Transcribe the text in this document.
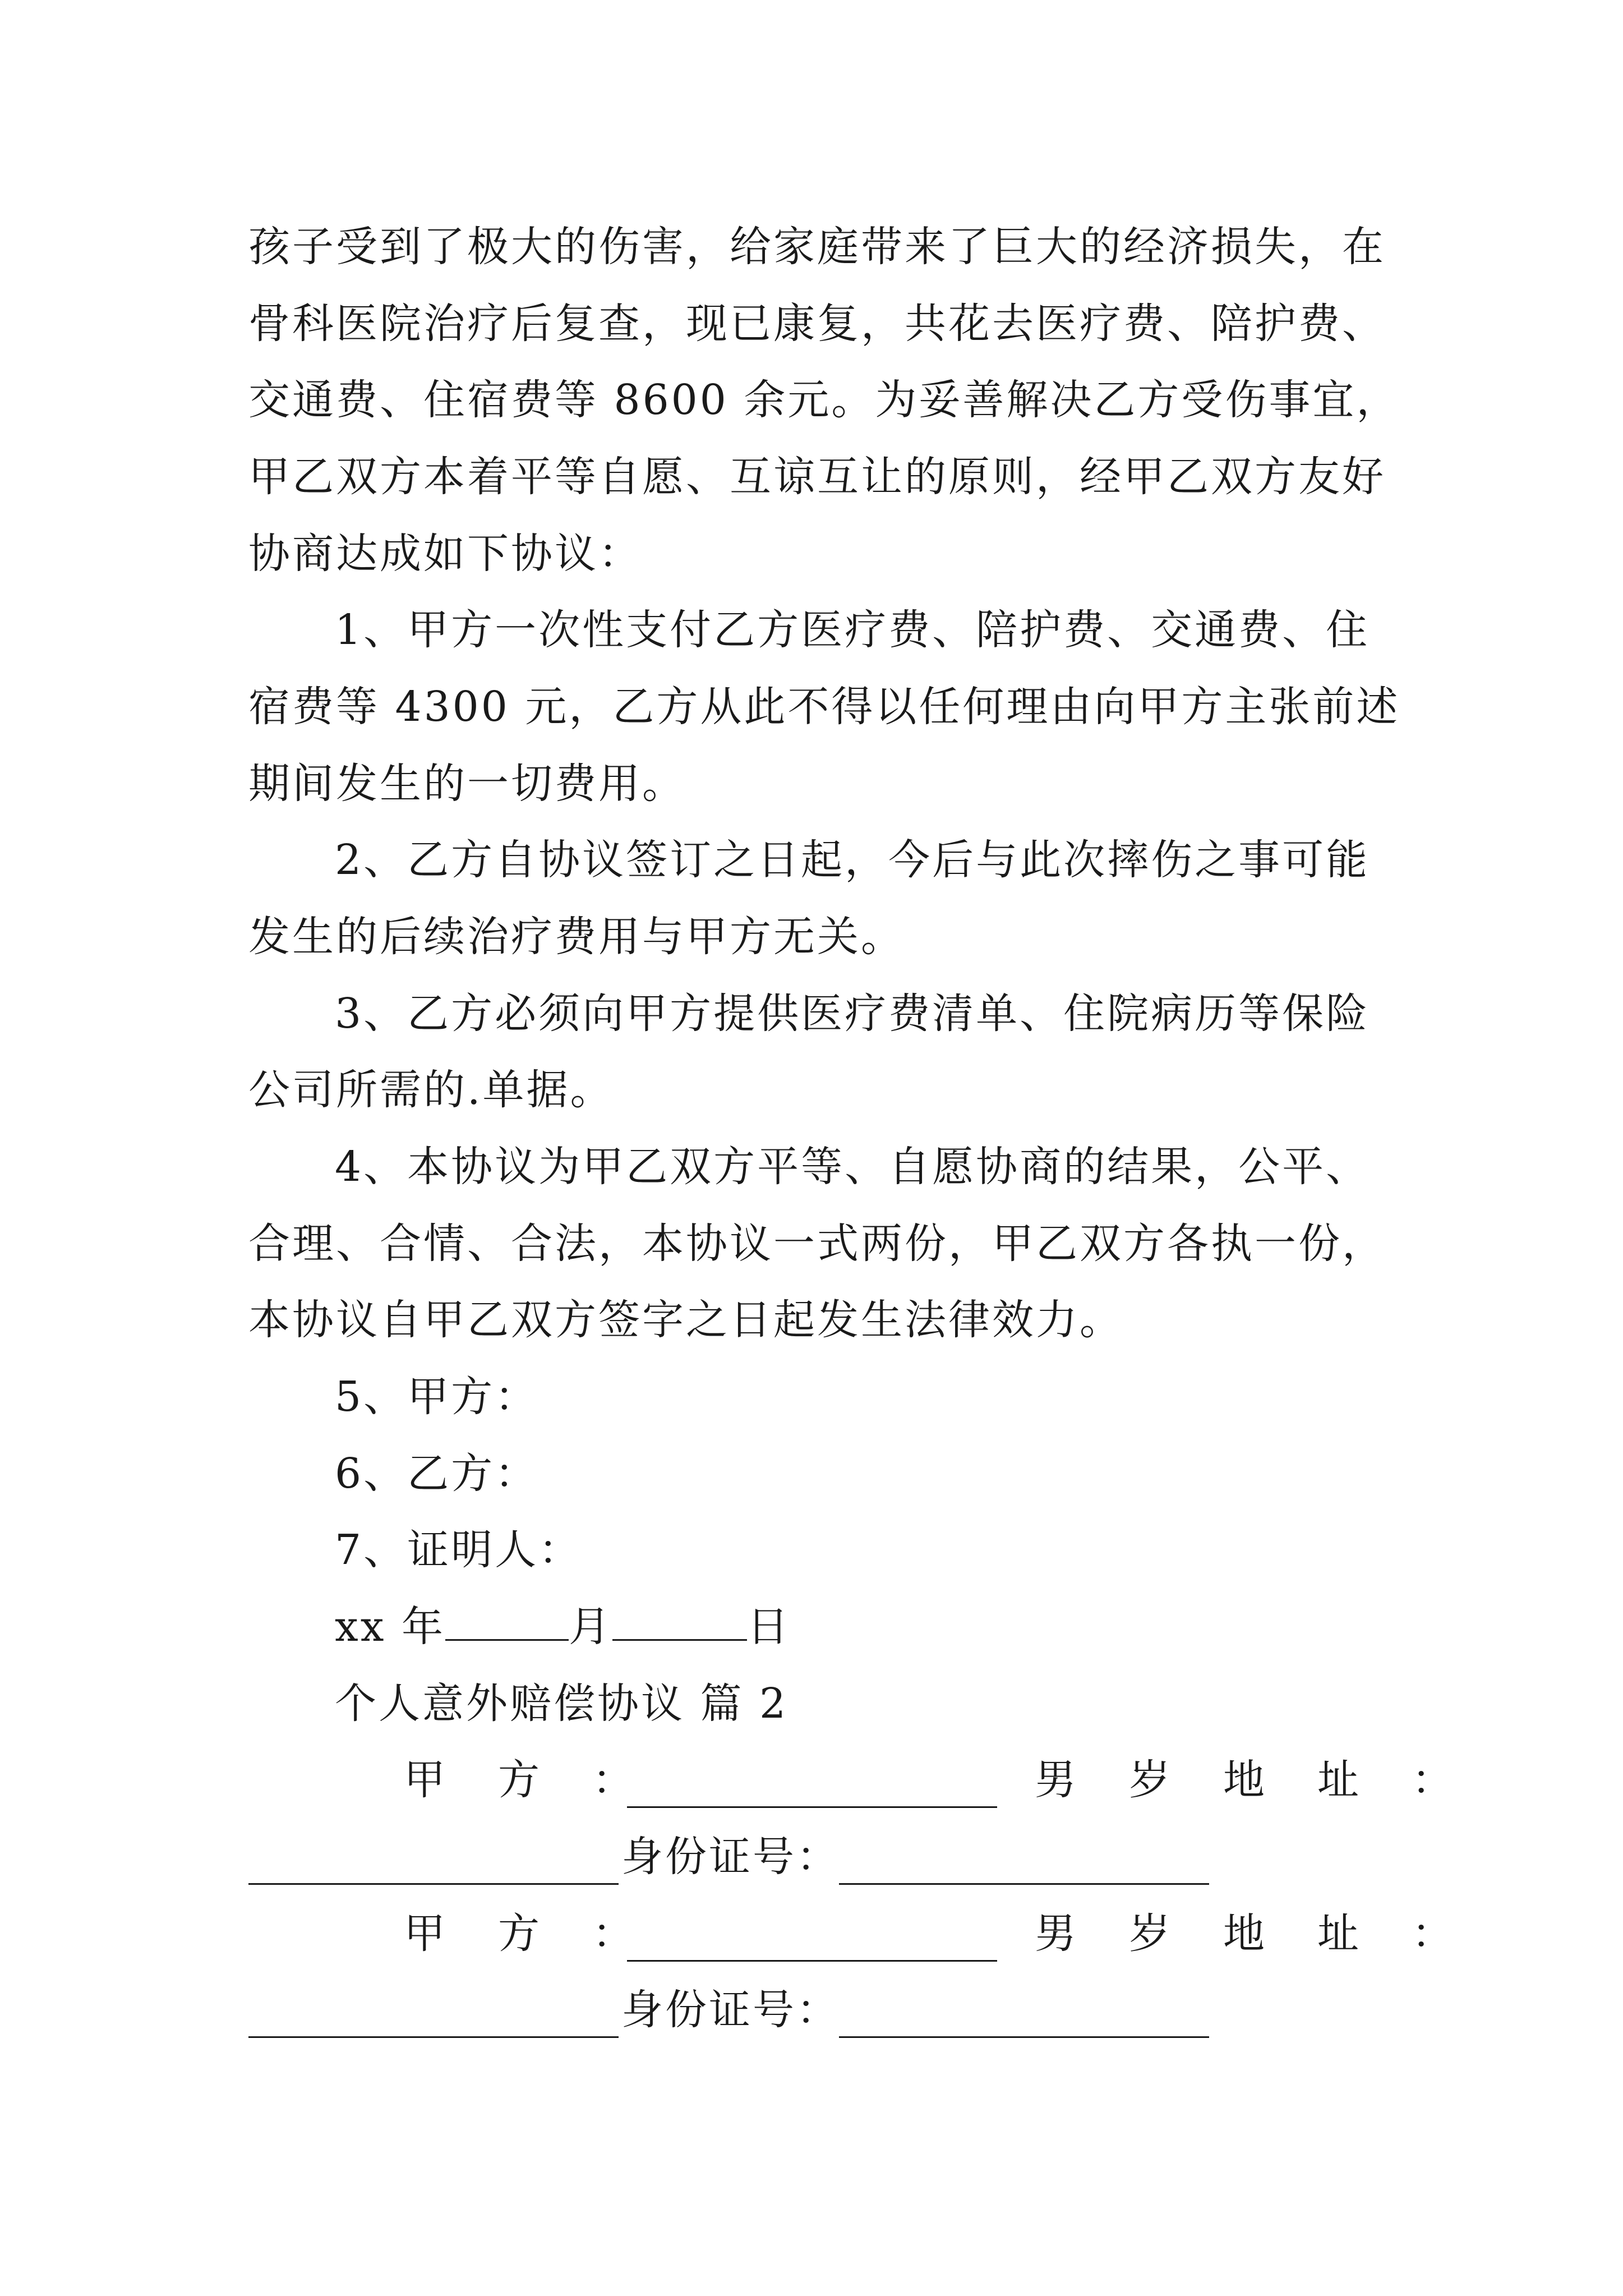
孩子受到了极大的伤害，给家庭带来了巨大的经济损失，在
骨科医院治疗后复查，现已康复，共花去医疗费、陪护费、
交通费、住宿费等 8600 余元。为妥善解决乙方受伤事宜，
甲乙双方本着平等自愿、互谅互让的原则，经甲乙双方友好
协商达成如下协议：
1、甲方一次性支付乙方医疗费、陪护费、交通费、住
宿费等 4300 元，乙方从此不得以任何理由向甲方主张前述
期间发生的一切费用。
2、乙方自协议签订之日起，今后与此次摔伤之事可能
发生的后续治疗费用与甲方无关。
3、乙方必须向甲方提供医疗费清单、住院病历等保险
公司所需的.单据。
4、本协议为甲乙双方平等、自愿协商的结果，公平、
合理、合情、合法，本协议一式两份，甲乙双方各执一份，
本协议自甲乙双方签字之日起发生法律效力。
5、甲方：
6、乙方：
7、证明人：
xx 年	月	日
个人意外赔偿协议 篇 2
甲　方　：	男　岁　地　址　：
身份证号：
甲　方　：	男　岁　地　址　：
身份证号：
